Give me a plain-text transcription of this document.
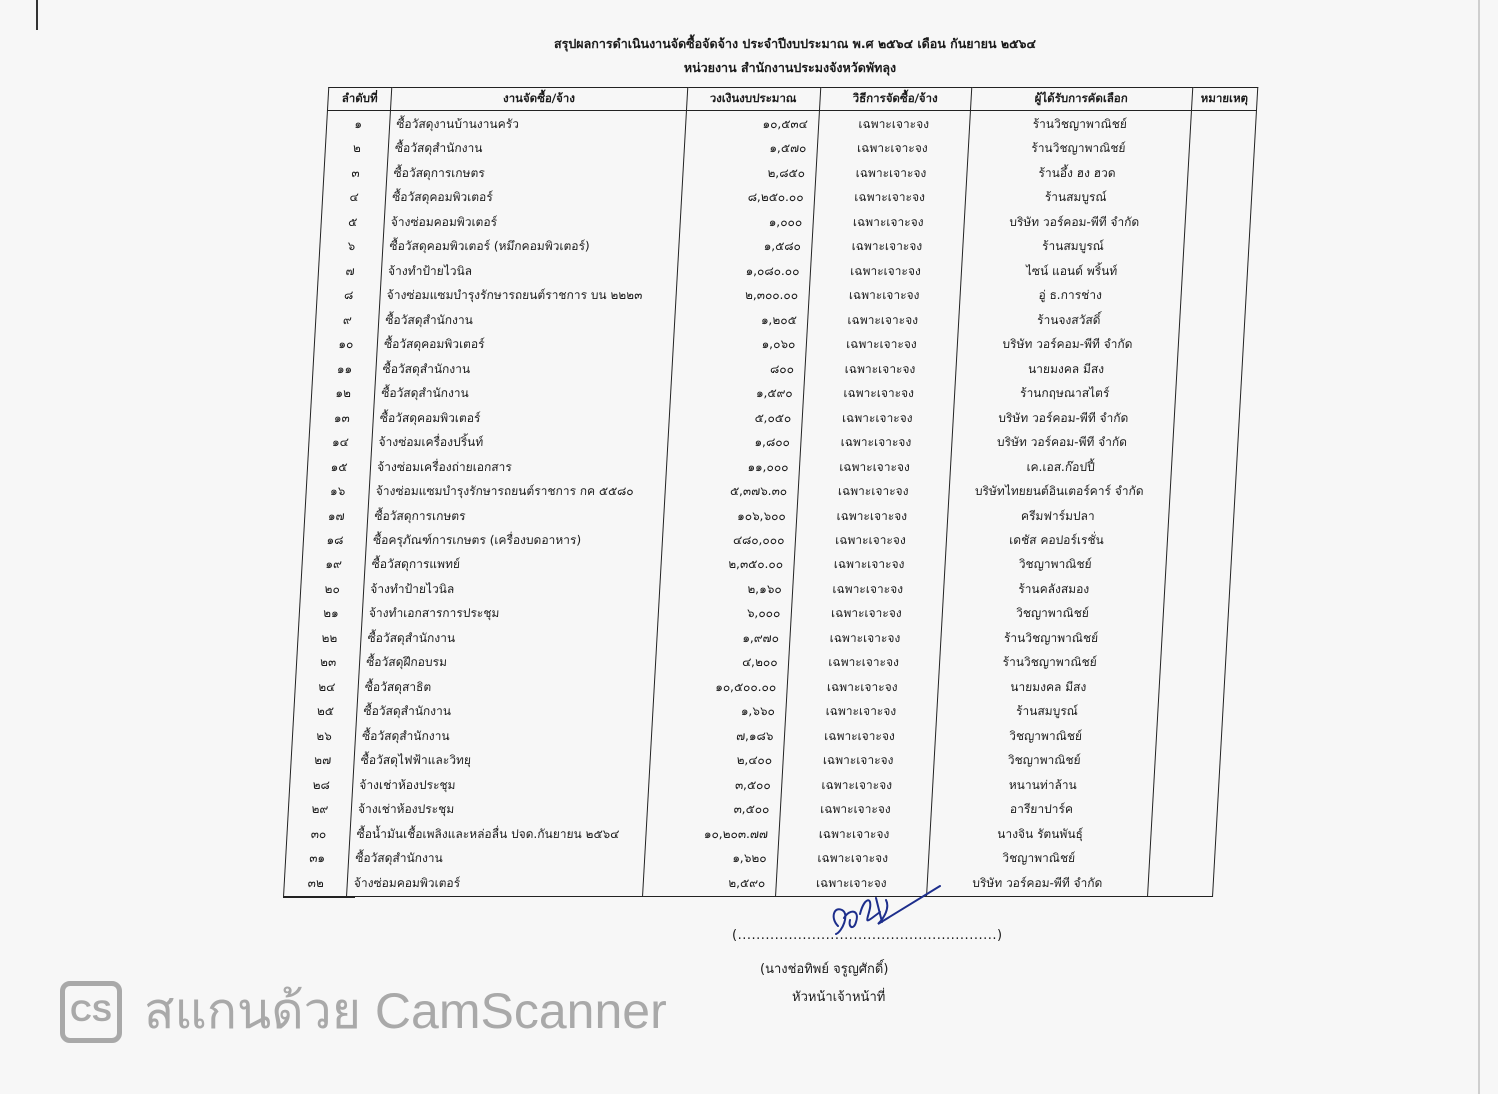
สรุปผลการดำเนินงานจัดซื้อจัดจ้าง ประจำปีงบประมาณ พ.ศ ๒๕๖๔ เดือน กันยายน ๒๕๖๔
หน่วยงาน สำนักงานประมงจังหวัดพัทลุง
ลำดับที่	งานจัดซื้อ/จ้าง	วงเงินงบประมาณ	วิธีการจัดซื้อ/จ้าง	ผู้ได้รับการคัดเลือก	หมายเหตุ
๑	ซื้อวัสดุงานบ้านงานครัว	๑๐,๕๓๔	เฉพาะเจาะจง	ร้านวิชญาพาณิชย์	
๒	ซื้อวัสดุสำนักงาน	๑,๕๗๐	เฉพาะเจาะจง	ร้านวิชญาพาณิชย์	
๓	ซื้อวัสดุการเกษตร	๒,๘๕๐	เฉพาะเจาะจง	ร้านอึ้ง ฮง ฮวด	
๔	ซื้อวัสดุคอมพิวเตอร์	๘,๒๕๐.๐๐	เฉพาะเจาะจง	ร้านสมบูรณ์	
๕	จ้างซ่อมคอมพิวเตอร์	๑,๐๐๐	เฉพาะเจาะจง	บริษัท วอร์คอม-พีที จำกัด	
๖	ซื้อวัสดุคอมพิวเตอร์ (หมึกคอมพิวเตอร์)	๑,๕๘๐	เฉพาะเจาะจง	ร้านสมบูรณ์	
๗	จ้างทำป้ายไวนิล	๑,๐๘๐.๐๐	เฉพาะเจาะจง	ไซน์ แอนด์ พริ้นท์	
๘	จ้างซ่อมแซมบำรุงรักษารถยนต์ราชการ บน ๒๒๒๓	๒,๓๐๐.๐๐	เฉพาะเจาะจง	อู่ ธ.การช่าง	
๙	ซื้อวัสดุสำนักงาน	๑,๒๐๕	เฉพาะเจาะจง	ร้านจงสวัสดิ์	
๑๐	ซื้อวัสดุคอมพิวเตอร์	๑,๐๖๐	เฉพาะเจาะจง	บริษัท วอร์คอม-พีที จำกัด	
๑๑	ซื้อวัสดุสำนักงาน	๘๐๐	เฉพาะเจาะจง	นายมงคล มีสง	
๑๒	ซื้อวัสดุสำนักงาน	๑,๕๙๐	เฉพาะเจาะจง	ร้านกฤษณาสไตร์	
๑๓	ซื้อวัสดุคอมพิวเตอร์	๕,๐๕๐	เฉพาะเจาะจง	บริษัท วอร์คอม-พีที จำกัด	
๑๔	จ้างซ่อมเครื่องปริ้นท์	๑,๘๐๐	เฉพาะเจาะจง	บริษัท วอร์คอม-พีที จำกัด	
๑๕	จ้างซ่อมเครื่องถ่ายเอกสาร	๑๑,๐๐๐	เฉพาะเจาะจง	เค.เอส.ก๊อปปี้	
๑๖	จ้างซ่อมแซมบำรุงรักษารถยนต์ราชการ กค ๕๕๘๐	๕,๓๗๖.๓๐	เฉพาะเจาะจง	บริษัทไทยยนต์อินเตอร์คาร์ จำกัด	
๑๗	ซื้อวัสดุการเกษตร	๑๐๖,๖๐๐	เฉพาะเจาะจง	ครีมฟาร์มปลา	
๑๘	ซื้อครุภัณฑ์การเกษตร (เครื่องบดอาหาร)	๔๘๐,๐๐๐	เฉพาะเจาะจง	เดชัส คอปอร์เรชั่น	
๑๙	ซื้อวัสดุการแพทย์	๒,๓๕๐.๐๐	เฉพาะเจาะจง	วิชญาพาณิชย์	
๒๐	จ้างทำป้ายไวนิล	๒,๑๖๐	เฉพาะเจาะจง	ร้านคลังสมอง	
๒๑	จ้างทำเอกสารการประชุม	๖,๐๐๐	เฉพาะเจาะจง	วิชญาพาณิชย์	
๒๒	ซื้อวัสดุสำนักงาน	๑,๙๗๐	เฉพาะเจาะจง	ร้านวิชญาพาณิชย์	
๒๓	ซื้อวัสดุฝึกอบรม	๔,๒๐๐	เฉพาะเจาะจง	ร้านวิชญาพาณิชย์	
๒๔	ซื้อวัสดุสาธิต	๑๐,๕๐๐.๐๐	เฉพาะเจาะจง	นายมงคล มีสง	
๒๕	ซื้อวัสดุสำนักงาน	๑,๖๖๐	เฉพาะเจาะจง	ร้านสมบูรณ์	
๒๖	ซื้อวัสดุสำนักงาน	๗,๑๘๖	เฉพาะเจาะจง	วิชญาพาณิชย์	
๒๗	ซื้อวัสดุไฟฟ้าและวิทยุ	๒,๔๐๐	เฉพาะเจาะจง	วิชญาพาณิชย์	
๒๘	จ้างเช่าห้องประชุม	๓,๕๐๐	เฉพาะเจาะจง	หนานท่าล้าน	
๒๙	จ้างเช่าห้องประชุม	๓,๕๐๐	เฉพาะเจาะจง	อารียาปาร์ค	
๓๐	ซื้อน้ำมันเชื้อเพลิงและหล่อลื่น ปจด.กันยายน ๒๕๖๔	๑๐,๒๐๓.๗๗	เฉพาะเจาะจง	นางจิน รัตนพันธุ์	
๓๑	ซื้อวัสดุสำนักงาน	๑,๖๒๐	เฉพาะเจาะจง	วิชญาพาณิชย์	
๓๒	จ้างซ่อมคอมพิวเตอร์	๒,๕๙๐	เฉพาะเจาะจง	บริษัท วอร์คอม-พีที จำกัด	
(........................................................)
(นางช่อทิพย์ จรูญศักดิ์)
หัวหน้าเจ้าหน้าที่
CS สแกนด้วย CamScanner
